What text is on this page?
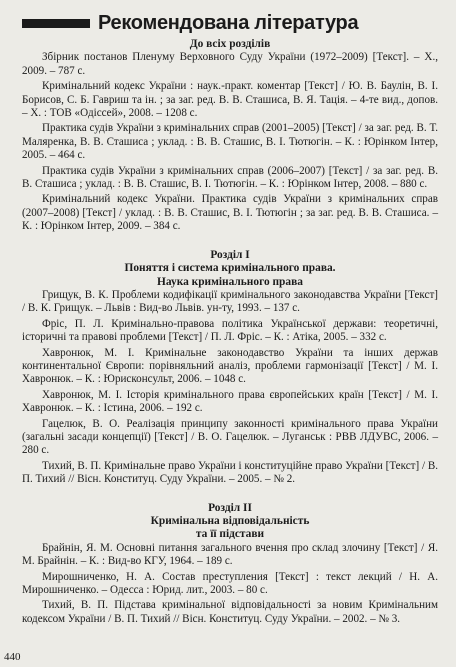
Рекомендована література
До всіх розділів

Збірник постанов Пленуму Верховного Суду України (1972–2009) [Текст]. – Х., 2009. – 787 с.

Кримінальний кодекс України : наук.-практ. коментар [Текст] / Ю. В. Баулін, В. І. Борисов, С. Б. Гавриш та ін. ; за заг. ред. В. В. Сташиса, В. Я. Тація. – 4-те вид., допов. – Х. : ТОВ «Одіссей», 2008. – 1208 с.

Практика судів України з кримінальних справ (2001–2005) [Текст] / за заг. ред. В. Т. Маляренка, В. В. Сташиса ; уклад. : В. В. Сташис, В. І. Тютюгін. – К. : Юрінком Інтер, 2005. – 464 с.

Практика судів України з кримінальних справ (2006–2007) [Текст] / за заг. ред. В. В. Сташиса ; уклад. : В. В. Сташис, В. І. Тютюгін. – К. : Юрінком Інтер, 2008. – 880 с.

Кримінальний кодекс України. Практика судів України з кримінальних справ (2007–2008) [Текст] / уклад. : В. В. Сташис, В. І. Тютюгін ; за заг. ред. В. В. Сташиса. – К. : Юрінком Інтер, 2009. – 384 с.

Розділ І
Поняття і система кримінального права.
Наука кримінального права

Грищук, В. К. Проблеми кодифікації кримінального законодавства України [Текст] / В. К. Грищук. – Львів : Вид-во Львів. ун-ту, 1993. – 137 с.

Фріс, П. Л. Кримінально-правова політика Української держави: теоретичні, історичні та правові проблеми [Текст] / П. Л. Фріс. – К. : Атіка, 2005. – 332 с.

Хавронюк, М. І. Кримінальне законодавство України та інших держав континентальної Європи: порівняльний аналіз, проблеми гармонізації [Текст] / М. І. Хавронюк. – К. : Юрисконсульт, 2006. – 1048 с.

Хавронюк, М. І. Історія кримінального права європейських країн [Текст] / М. І. Хавронюк. – К. : Істина, 2006. – 192 с.

Гацелюк, В. О. Реалізація принципу законності кримінального права України (загальні засади концепції) [Текст] / В. О. Гацелюк. – Луганськ : РВВ ЛДУВС, 2006. – 280 с.

Тихий, В. П. Кримінальне право України і конституційне право України [Текст] / В. П. Тихий // Вісн. Конституц. Суду України. – 2005. – № 2.

Розділ ІІ
Кримінальна відповідальність
та її підстави

Брайнін, Я. М. Основні питання загального вчення про склад злочину [Текст] / Я. М. Брайнін. – К. : Вид-во КГУ, 1964. – 189 с.

Мирошниченко, Н. А. Состав преступления [Текст] : текст лекций / Н. А. Мирошниченко. – Одесса : Юрид. лит., 2003. – 80 с.

Тихий, В. П. Підстава кримінальної відповідальності за новим Кримінальним кодексом України / В. П. Тихий // Вісн. Конституц. Суду України. – 2002. – № 3.

440
